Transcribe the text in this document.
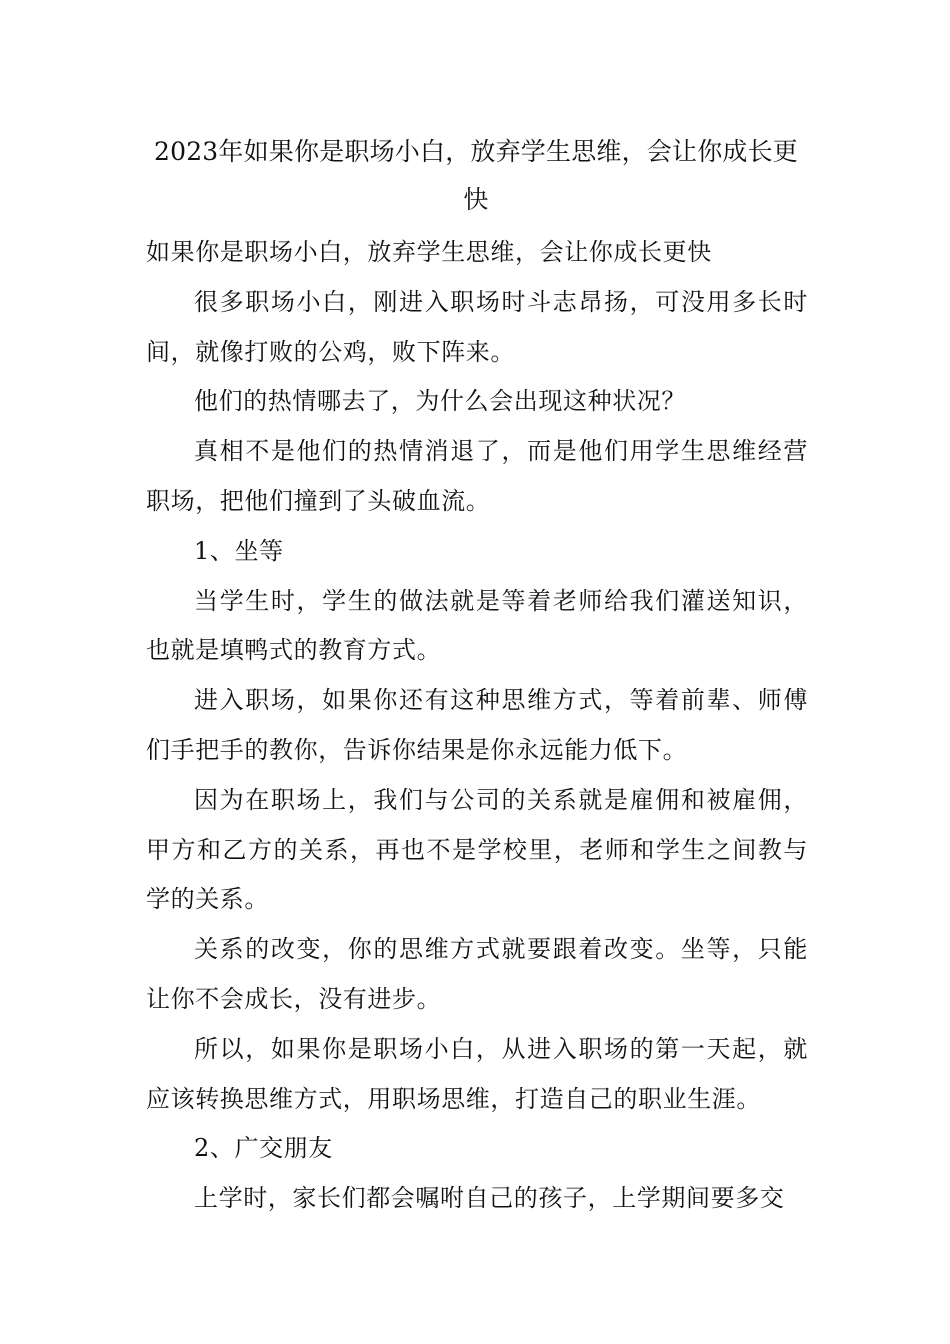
2023年如果你是职场小白，放弃学生思维，会让你成长更快

如果你是职场小白，放弃学生思维，会让你成长更快

很多职场小白，刚进入职场时斗志昂扬，可没用多长时间，就像打败的公鸡，败下阵来。

他们的热情哪去了，为什么会出现这种状况？

真相不是他们的热情消退了，而是他们用学生思维经营职场，把他们撞到了头破血流。

1、坐等

当学生时，学生的做法就是等着老师给我们灌送知识，也就是填鸭式的教育方式。

进入职场，如果你还有这种思维方式，等着前辈、师傅们手把手的教你，告诉你结果是你永远能力低下。

因为在职场上，我们与公司的关系就是雇佣和被雇佣，甲方和乙方的关系，再也不是学校里，老师和学生之间教与学的关系。

关系的改变，你的思维方式就要跟着改变。坐等，只能让你不会成长，没有进步。

所以，如果你是职场小白，从进入职场的第一天起，就应该转换思维方式，用职场思维，打造自己的职业生涯。

2、广交朋友

上学时，家长们都会嘱咐自己的孩子，上学期间要多交
